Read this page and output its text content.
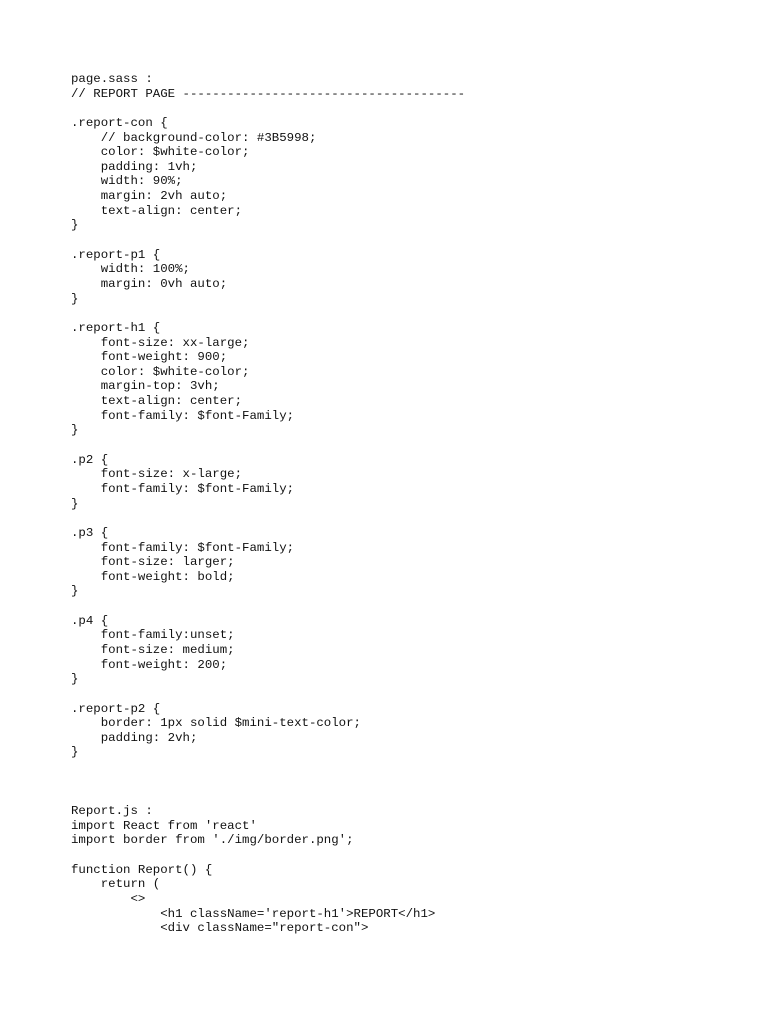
page.sass :
// REPORT PAGE --------------------------------------
.report-con {
// background-color: #3B5998;
color: $white-color;
padding: 1vh;
width: 90%;
margin: 2vh auto;
text-align: center;
}
.report-p1 {
width: 100%;
margin: 0vh auto;
}
.report-h1 {
font-size: xx-large;
font-weight: 900;
color: $white-color;
margin-top: 3vh;
text-align: center;
font-family: $font-Family;
}
.p2 {
font-size: x-large;
font-family: $font-Family;
}
.p3 {
font-family: $font-Family;
font-size: larger;
font-weight: bold;
}
.p4 {
font-family:unset;
font-size: medium;
font-weight: 200;
}
.report-p2 {
border: 1px solid $mini-text-color;
padding: 2vh;
}
Report.js :
import React from 'react'
import border from './img/border.png';
function Report() {
return (
<>
<h1 className='report-h1'>REPORT</h1>
<div className="report-con">
